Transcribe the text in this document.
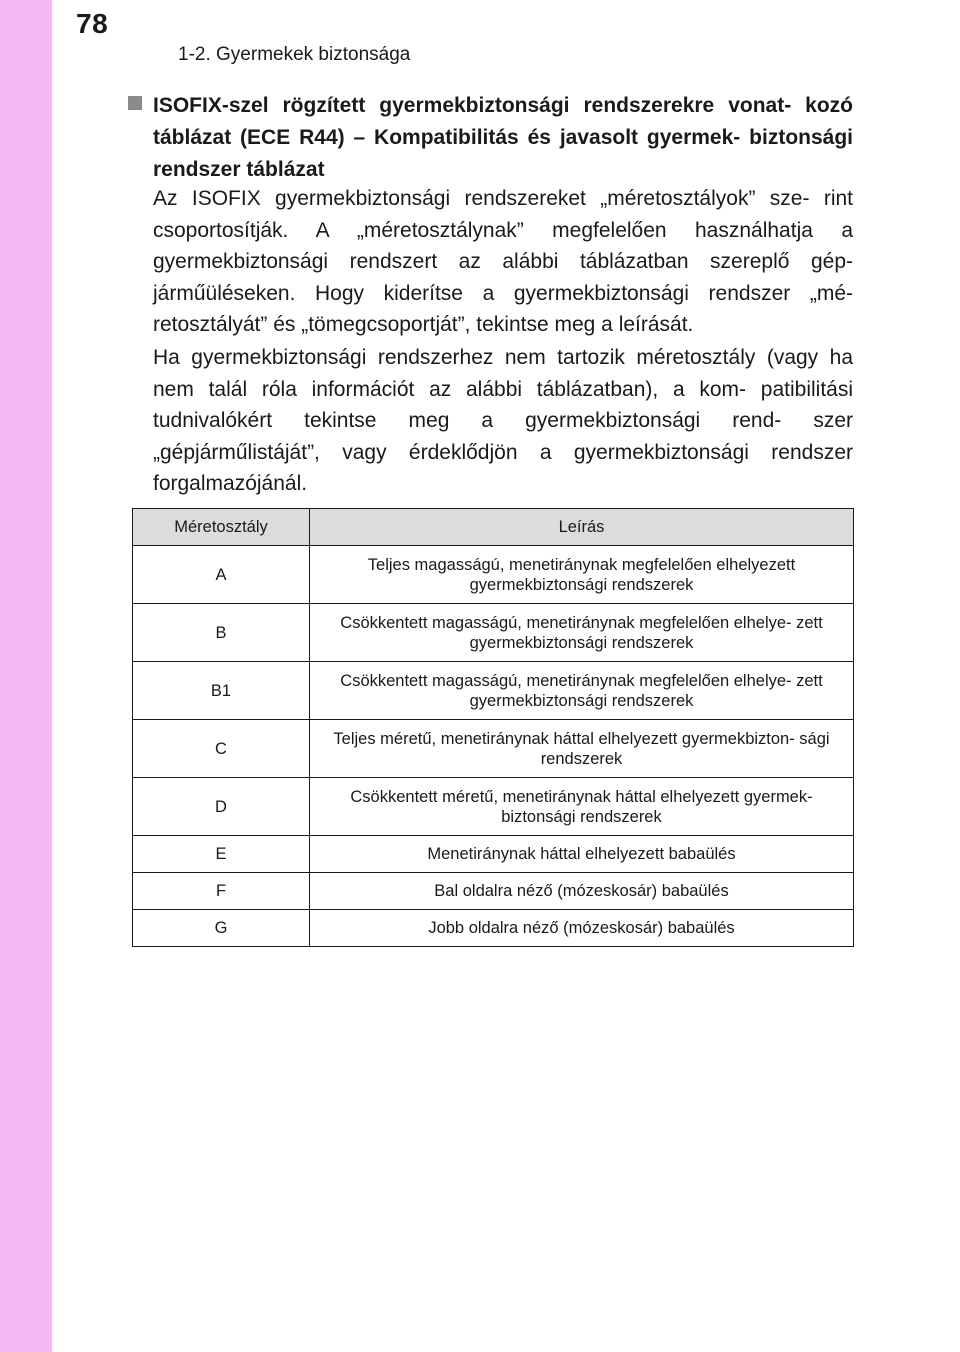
78
1-2. Gyermekek biztonsága
ISOFIX-szel rögzített gyermekbiztonsági rendszerekre vonat- kozó táblázat (ECE R44) – Kompatibilitás és javasolt gyermek- biztonsági rendszer táblázat

Az ISOFIX gyermekbiztonsági rendszereket „méretosztályok” sze- rint csoportosítják. A „méretosztálynak” megfelelően használhatja a gyermekbiztonsági rendszert az alábbi táblázatban szereplő gép- járműüléseken. Hogy kiderítse a gyermekbiztonsági rendszer „mé- retosztályát” és „tömegcsoportját”, tekintse meg a leírását.

Ha gyermekbiztonsági rendszerhez nem tartozik méretosztály (vagy ha nem talál róla információt az alábbi táblázatban), a kom- patibilitási tudnivalókért tekintse meg a gyermekbiztonsági rend- szer „gépjárműlistáját”, vagy érdeklődjön a gyermekbiztonsági rendszer forgalmazójánál.

Méretosztály	Leírás
A	Teljes magasságú, menetiránynak megfelelően elhelyezett gyermekbiztonsági rendszerek
B	Csökkentett magasságú, menetiránynak megfelelően elhelye- zett gyermekbiztonsági rendszerek
B1	Csökkentett magasságú, menetiránynak megfelelően elhelye- zett gyermekbiztonsági rendszerek
C	Teljes méretű, menetiránynak háttal elhelyezett gyermekbizton- sági rendszerek
D	Csökkentett méretű, menetiránynak háttal elhelyezett gyermek- biztonsági rendszerek
E	Menetiránynak háttal elhelyezett babaülés
F	Bal oldalra néző (mózeskosár) babaülés
G	Jobb oldalra néző (mózeskosár) babaülés
